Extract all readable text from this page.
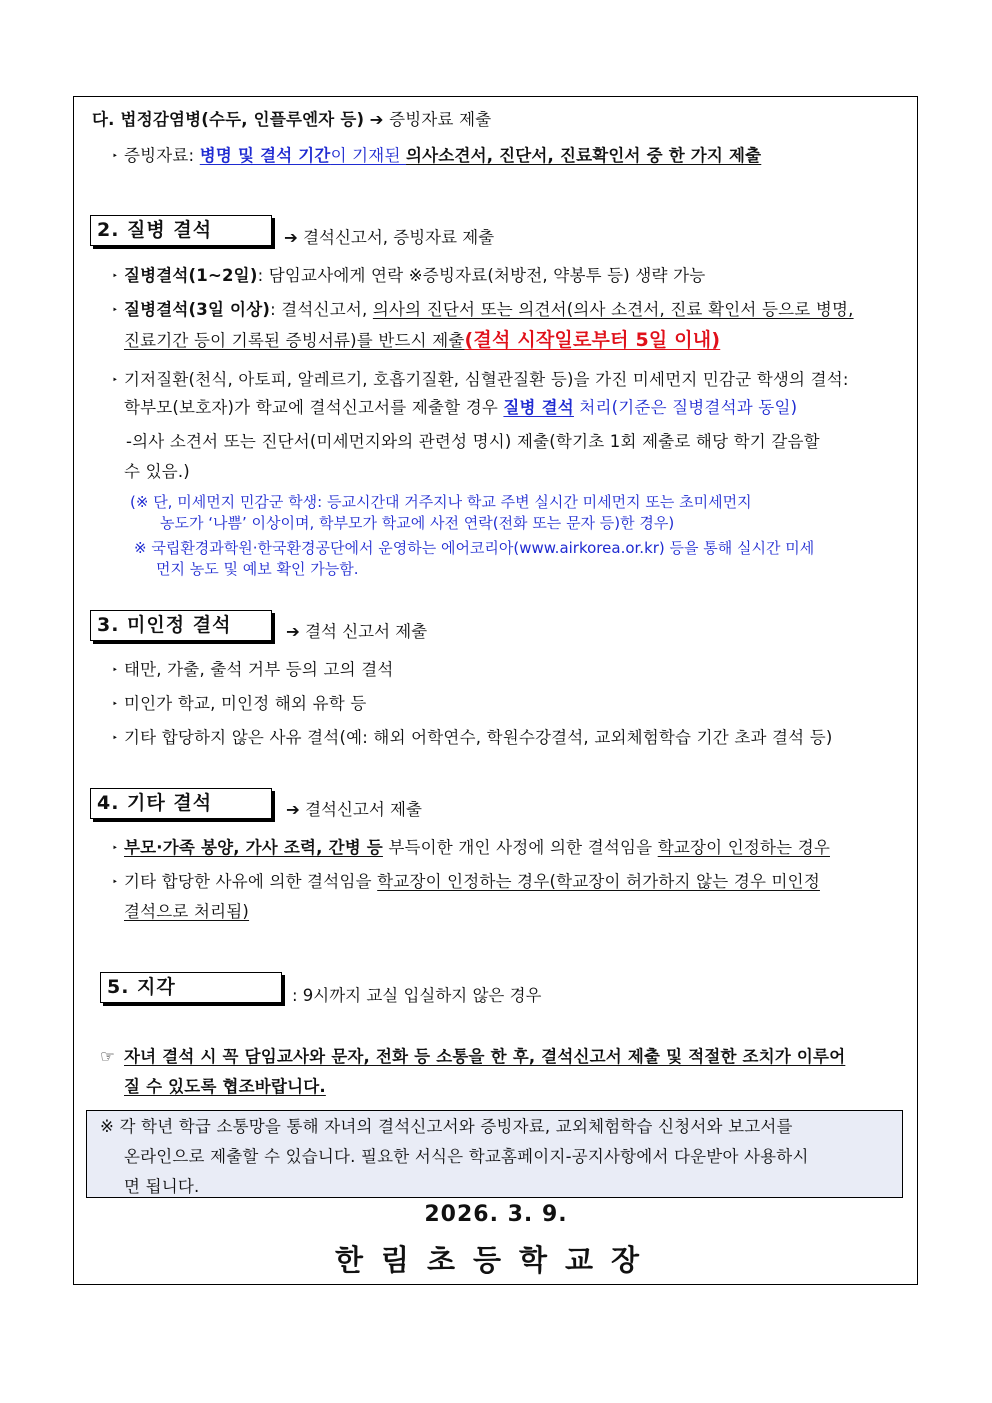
다. 법정감염병(수두, 인플루엔자 등) ➔ 증빙자료 제출
‣ 증빙자료: 병명 및 결석 기간이 기재된 의사소견서, 진단서, 진료확인서 중 한 가지 제출
2. 질병 결석	➔ 결석신고서, 증빙자료 제출
‣ 질병결석(1~2일): 담임교사에게 연락 ※증빙자료(처방전, 약봉투 등) 생략 가능
‣ 질병결석(3일 이상): 결석신고서, 의사의 진단서 또는 의견서(의사 소견서, 진료 확인서 등으로 병명,
진료기간 등이 기록된 증빙서류)를 반드시 제출(결석 시작일로부터 5일 이내)
‣ 기저질환(천식, 아토피, 알레르기, 호흡기질환, 심혈관질환 등)을 가진 미세먼지 민감군 학생의 결석:
학부모(보호자)가 학교에 결석신고서를 제출할 경우 질병 결석 처리(기준은 질병결석과 동일)
-의사 소견서 또는 진단서(미세먼지와의 관련성 명시) 제출(학기초 1회 제출로 해당 학기 갈음할
수 있음.)
(※ 단, 미세먼지 민감군 학생: 등교시간대 거주지나 학교 주변 실시간 미세먼지 또는 초미세먼지
농도가 ‘나쁨’ 이상이며, 학부모가 학교에 사전 연락(전화 또는 문자 등)한 경우)
※ 국립환경과학원·한국환경공단에서 운영하는 에어코리아(www.airkorea.or.kr) 등을 통해 실시간 미세
먼지 농도 및 예보 확인 가능함.
3. 미인정 결석	➔ 결석 신고서 제출
‣ 태만, 가출, 출석 거부 등의 고의 결석
‣ 미인가 학교, 미인정 해외 유학 등
‣ 기타 합당하지 않은 사유 결석(예: 해외 어학연수, 학원수강결석, 교외체험학습 기간 초과 결석 등)
4. 기타 결석	➔ 결석신고서 제출
‣ 부모·가족 봉양, 가사 조력, 간병 등 부득이한 개인 사정에 의한 결석임을 학교장이 인정하는 경우
‣ 기타 합당한 사유에 의한 결석임을 학교장이 인정하는 경우(학교장이 허가하지 않는 경우 미인정
결석으로 처리됨)
5. 지각	: 9시까지 교실 입실하지 않은 경우
☞ 자녀 결석 시 꼭 담임교사와 문자, 전화 등 소통을 한 후, 결석신고서 제출 및 적절한 조치가 이루어
질 수 있도록 협조바랍니다.
※ 각 학년 학급 소통망을 통해 자녀의 결석신고서와 증빙자료, 교외체험학습 신청서와 보고서를
온라인으로 제출할 수 있습니다. 필요한 서식은 학교홈페이지-공지사항에서 다운받아 사용하시
면 됩니다.
2026. 3. 9.
한림초등학교장
